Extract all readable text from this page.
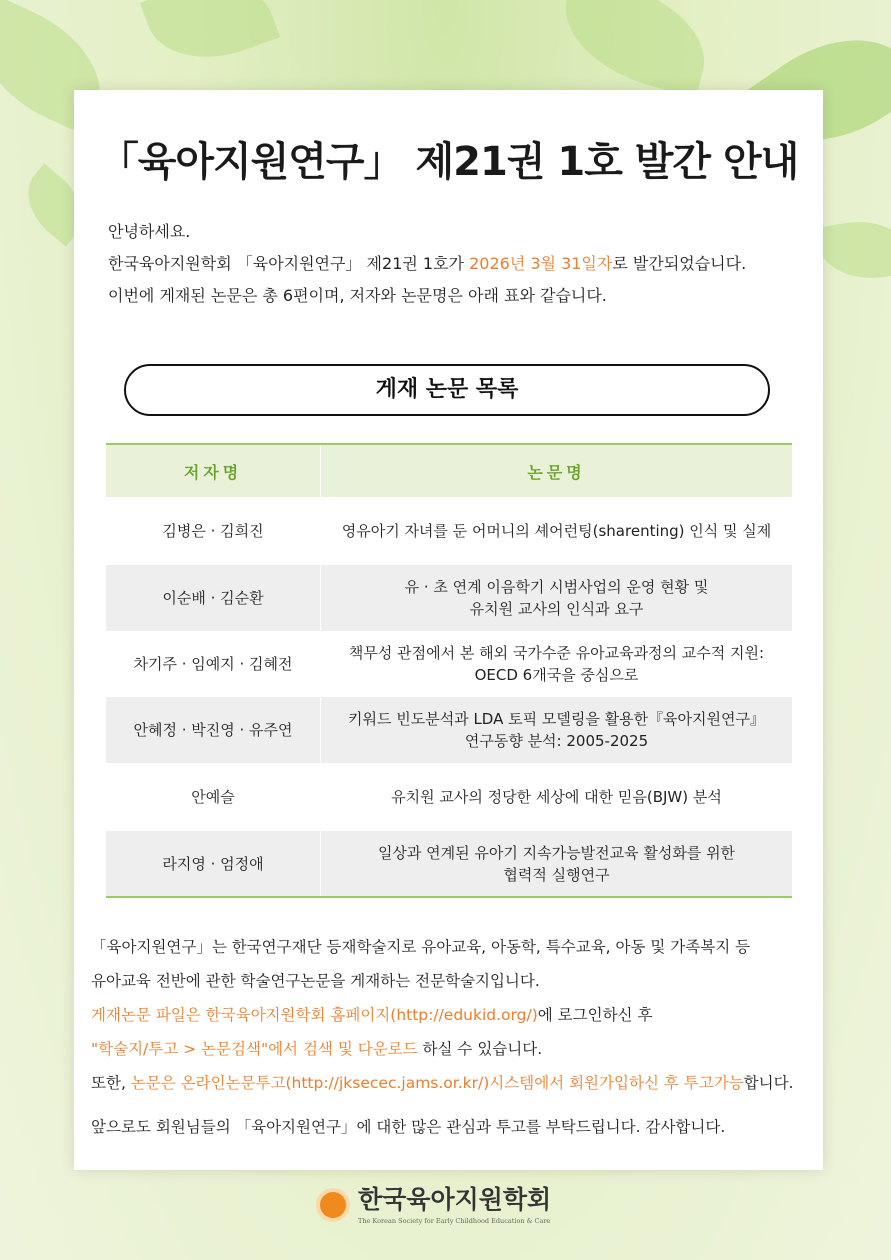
「육아지원연구」 제21권 1호 발간 안내
안녕하세요.
한국육아지원학회 「육아지원연구」 제21권 1호가 2026년 3월 31일자로 발간되었습니다.
이번에 게재된 논문은 총 6편이며, 저자와 논문명은 아래 표와 같습니다.
게재 논문 목록
저자명	논문명
김병은 · 김희진	영유아기 자녀를 둔 어머니의 셰어런팅(sharenting) 인식 및 실제

이순배 · 김순환	유 · 초 연계 이음학기 시범사업의 운영 현황 및
유치원 교사의 인식과 요구

차기주 · 임예지 · 김혜전	책무성 관점에서 본 해외 국가수준 유아교육과정의 교수적 지원:
OECD 6개국을 중심으로

안혜정 · 박진영 · 유주연	키워드 빈도분석과 LDA 토픽 모델링을 활용한『육아지원연구』
연구동향 분석: 2005-2025

안예슬	유치원 교사의 정당한 세상에 대한 믿음(BJW) 분석

라지영 · 엄정애	일상과 연계된 유아기 지속가능발전교육 활성화를 위한
협력적 실행연구

「육아지원연구」는 한국연구재단 등재학술지로 유아교육, 아동학, 특수교육, 아동 및 가족복지 등

유아교육 전반에 관한 학술연구논문을 게재하는 전문학술지입니다.

게재논문 파일은 한국육아지원학회 홈페이지(http://edukid.org/)에 로그인하신 후

"학술지/투고 > 논문검색"에서 검색 및 다운로드 하실 수 있습니다.

또한, 논문은 온라인논문투고(http://jksecec.jams.or.kr/)시스템에서 회원가입하신 후 투고가능합니다.

앞으로도 회원님들의 「육아지원연구」에 대한 많은 관심과 투고를 부탁드립니다. 감사합니다.

한국육아지원학회
The Korean Society for Early Childhood Education & Care
